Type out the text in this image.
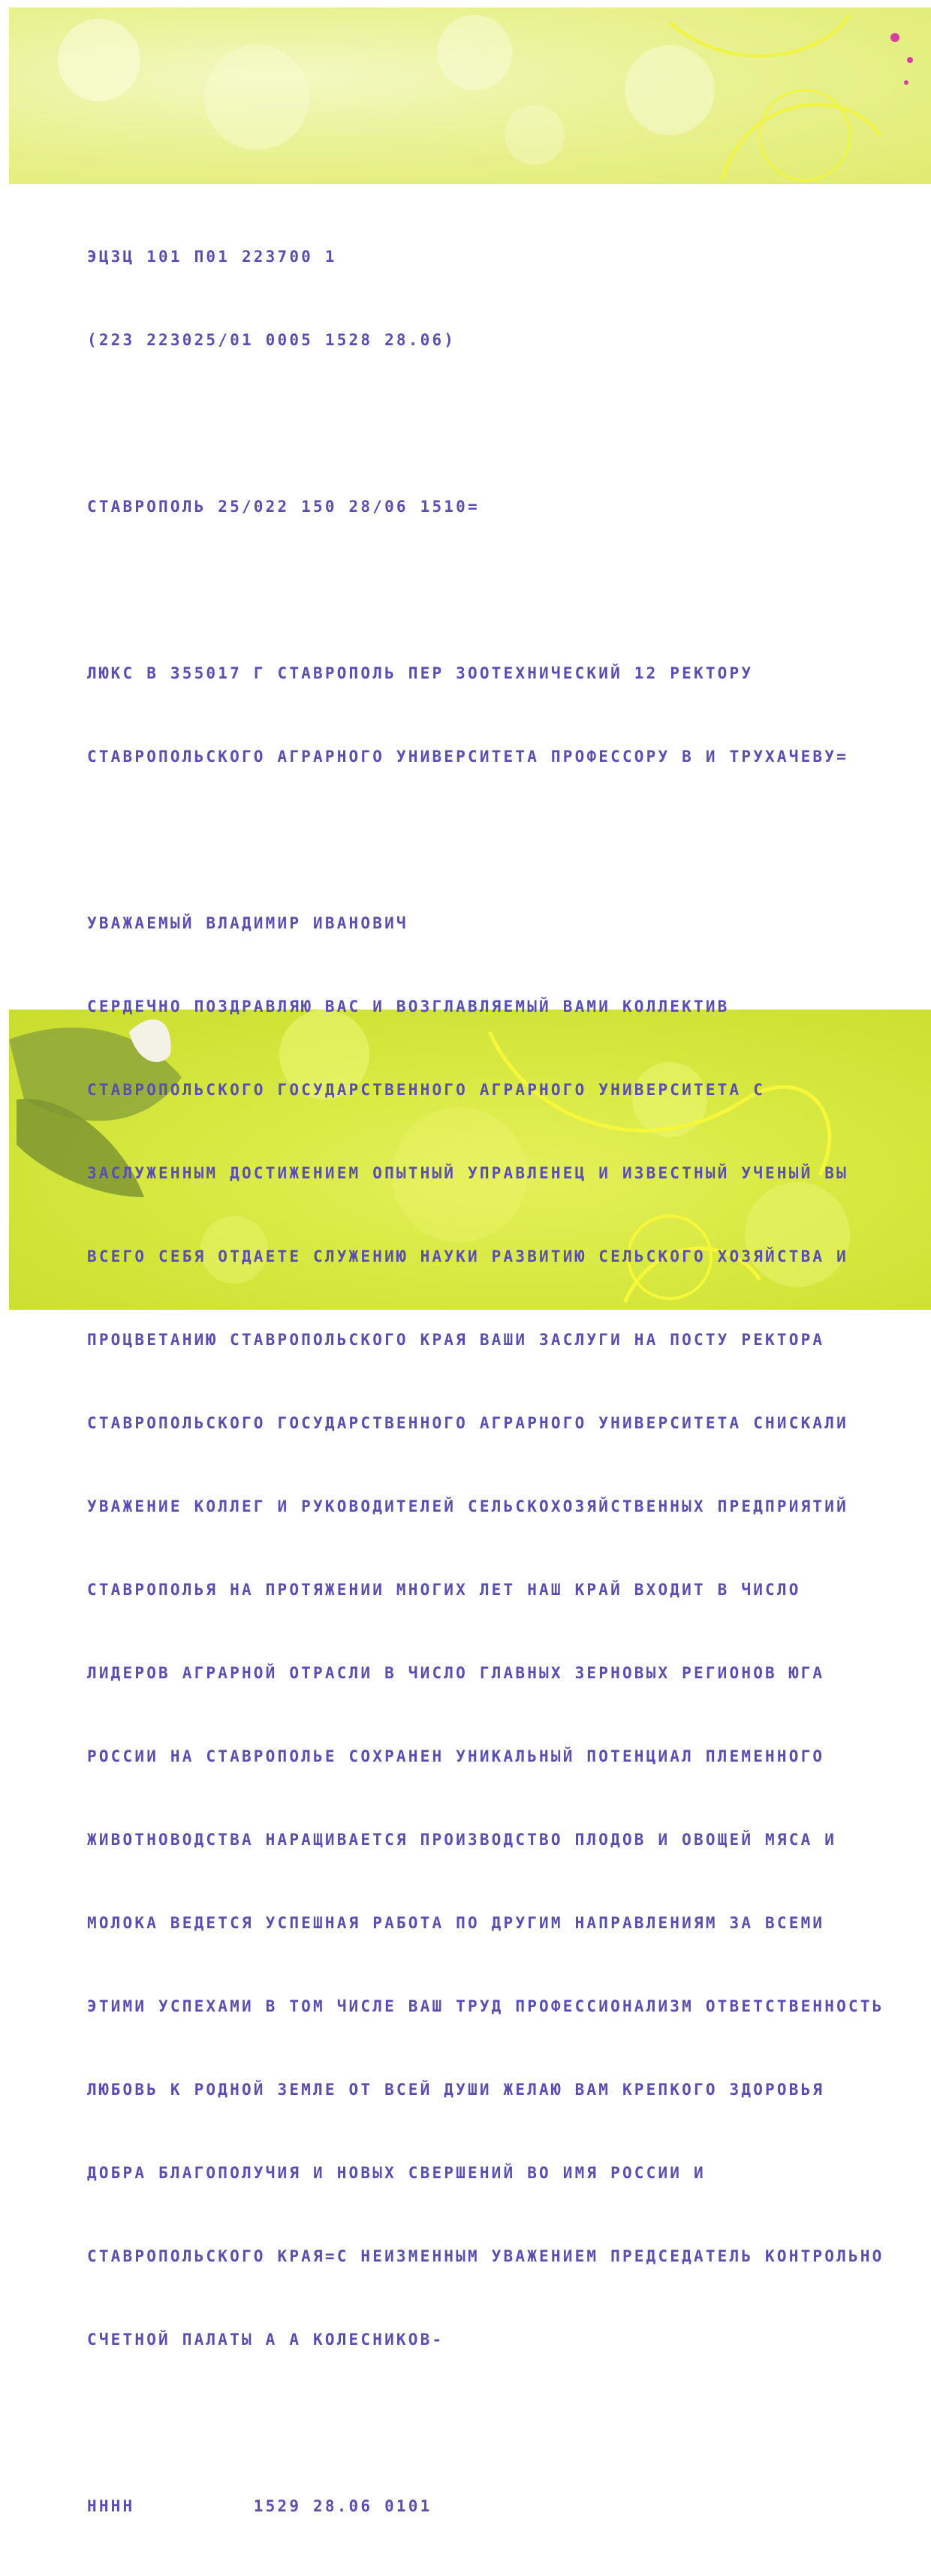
ЭЦЗЦ 101 П01 223700 1

(223 223025/01 0005 1528 28.06)

СТАВРОПОЛЬ 25/022 150 28/06 1510=

ЛЮКС В 355017 Г СТАВРОПОЛЬ ПЕР ЗООТЕХНИЧЕСКИЙ 12 РЕКТОРУ

СТАВРОПОЛЬСКОГО АГРАРНОГО УНИВЕРСИТЕТА ПРОФЕССОРУ В И ТРУХАЧЕВУ=

УВАЖАЕМЫЙ ВЛАДИМИР ИВАНОВИЧ

СЕРДЕЧНО ПОЗДРАВЛЯЮ ВАС И ВОЗГЛАВЛЯЕМЫЙ ВАМИ КОЛЛЕКТИВ

СТАВРОПОЛЬСКОГО ГОСУДАРСТВЕННОГО АГРАРНОГО УНИВЕРСИТЕТА С

ЗАСЛУЖЕННЫМ ДОСТИЖЕНИЕМ ОПЫТНЫЙ УПРАВЛЕНЕЦ И ИЗВЕСТНЫЙ УЧЕНЫЙ ВЫ

ВСЕГО СЕБЯ ОТДАЕТЕ СЛУЖЕНИЮ НАУКИ РАЗВИТИЮ СЕЛЬСКОГО ХОЗЯЙСТВА И

ПРОЦВЕТАНИЮ СТАВРОПОЛЬСКОГО КРАЯ ВАШИ ЗАСЛУГИ НА ПОСТУ РЕКТОРА

СТАВРОПОЛЬСКОГО ГОСУДАРСТВЕННОГО АГРАРНОГО УНИВЕРСИТЕТА СНИСКАЛИ

УВАЖЕНИЕ КОЛЛЕГ И РУКОВОДИТЕЛЕЙ СЕЛЬСКОХОЗЯЙСТВЕННЫХ ПРЕДПРИЯТИЙ

СТАВРОПОЛЬЯ НА ПРОТЯЖЕНИИ МНОГИХ ЛЕТ НАШ КРАЙ ВХОДИТ В ЧИСЛО

ЛИДЕРОВ АГРАРНОЙ ОТРАСЛИ В ЧИСЛО ГЛАВНЫХ ЗЕРНОВЫХ РЕГИОНОВ ЮГА

РОССИИ НА СТАВРОПОЛЬЕ СОХРАНЕН УНИКАЛЬНЫЙ ПОТЕНЦИАЛ ПЛЕМЕННОГО

ЖИВОТНОВОДСТВА НАРАЩИВАЕТСЯ ПРОИЗВОДСТВО ПЛОДОВ И ОВОЩЕЙ МЯСА И

МОЛОКА ВЕДЕТСЯ УСПЕШНАЯ РАБОТА ПО ДРУГИМ НАПРАВЛЕНИЯМ ЗА ВСЕМИ

ЭТИМИ УСПЕХАМИ В ТОМ ЧИСЛЕ ВАШ ТРУД ПРОФЕССИОНАЛИЗМ ОТВЕТСТВЕННОСТЬ

ЛЮБОВЬ К РОДНОЙ ЗЕМЛЕ ОТ ВСЕЙ ДУШИ ЖЕЛАЮ ВАМ КРЕПКОГО ЗДОРОВЬЯ

ДОБРА БЛАГОПОЛУЧИЯ И НОВЫХ СВЕРШЕНИЙ ВО ИМЯ РОССИИ И

СТАВРОПОЛЬСКОГО КРАЯ=С НЕИЗМЕННЫМ УВАЖЕНИЕМ ПРЕДСЕДАТЕЛЬ КОНТРОЛЬНО

СЧЕТНОЙ ПАЛАТЫ А А КОЛЕСНИКОВ-

НННН          1529 28.06 0101
